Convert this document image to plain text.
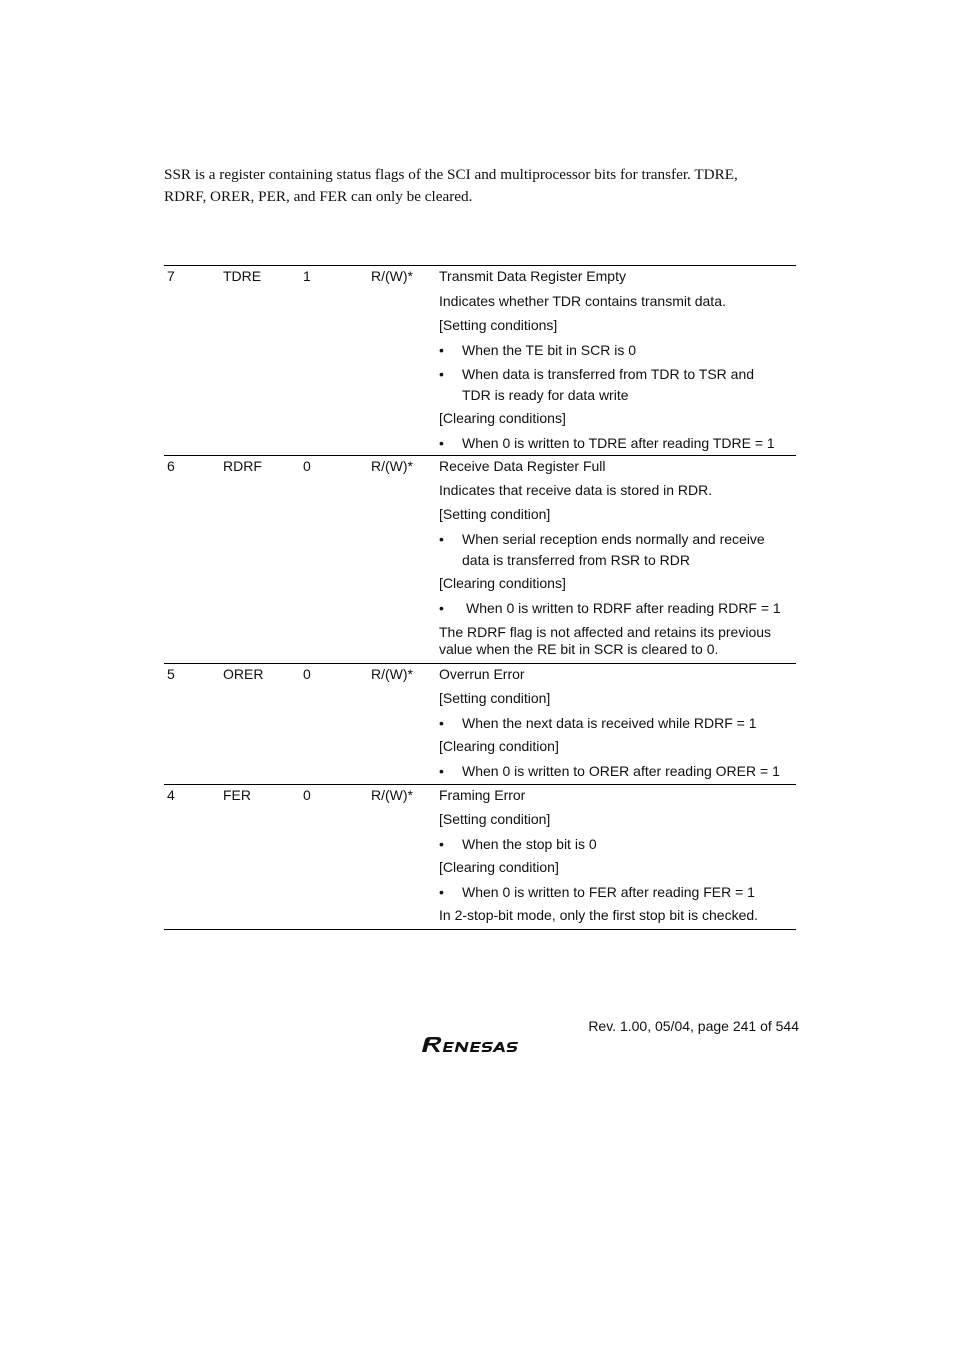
SSR is a register containing status flags of the SCI and multiprocessor bits for transfer. TDRE,
RDRF, ORER, PER, and FER can only be cleared.

7	TDRE	1	R/(W)* Transmit Data Register Empty
Indicates whether TDR contains transmit data.
[Setting conditions]
• When the TE bit in SCR is 0
• When data is transferred from TDR to TSR and
TDR is ready for data write
[Clearing conditions]
• When 0 is written to TDRE after reading TDRE = 1
6	RDRF	0	R/(W)* Receive Data Register Full
Indicates that receive data is stored in RDR.
[Setting condition]
• When serial reception ends normally and receive
data is transferred from RSR to RDR
[Clearing conditions]
• When 0 is written to RDRF after reading RDRF = 1
The RDRF flag is not affected and retains its previous
value when the RE bit in SCR is cleared to 0.
5	ORER	0	R/(W)* Overrun Error
[Setting condition]
• When the next data is received while RDRF = 1
[Clearing condition]
• When 0 is written to ORER after reading ORER = 1
4	FER	0	R/(W)* Framing Error
[Setting condition]
• When the stop bit is 0
[Clearing condition]
• When 0 is written to FER after reading FER = 1
In 2-stop-bit mode, only the first stop bit is checked.
Rev. 1.00, 05/04, page 241 of 544
